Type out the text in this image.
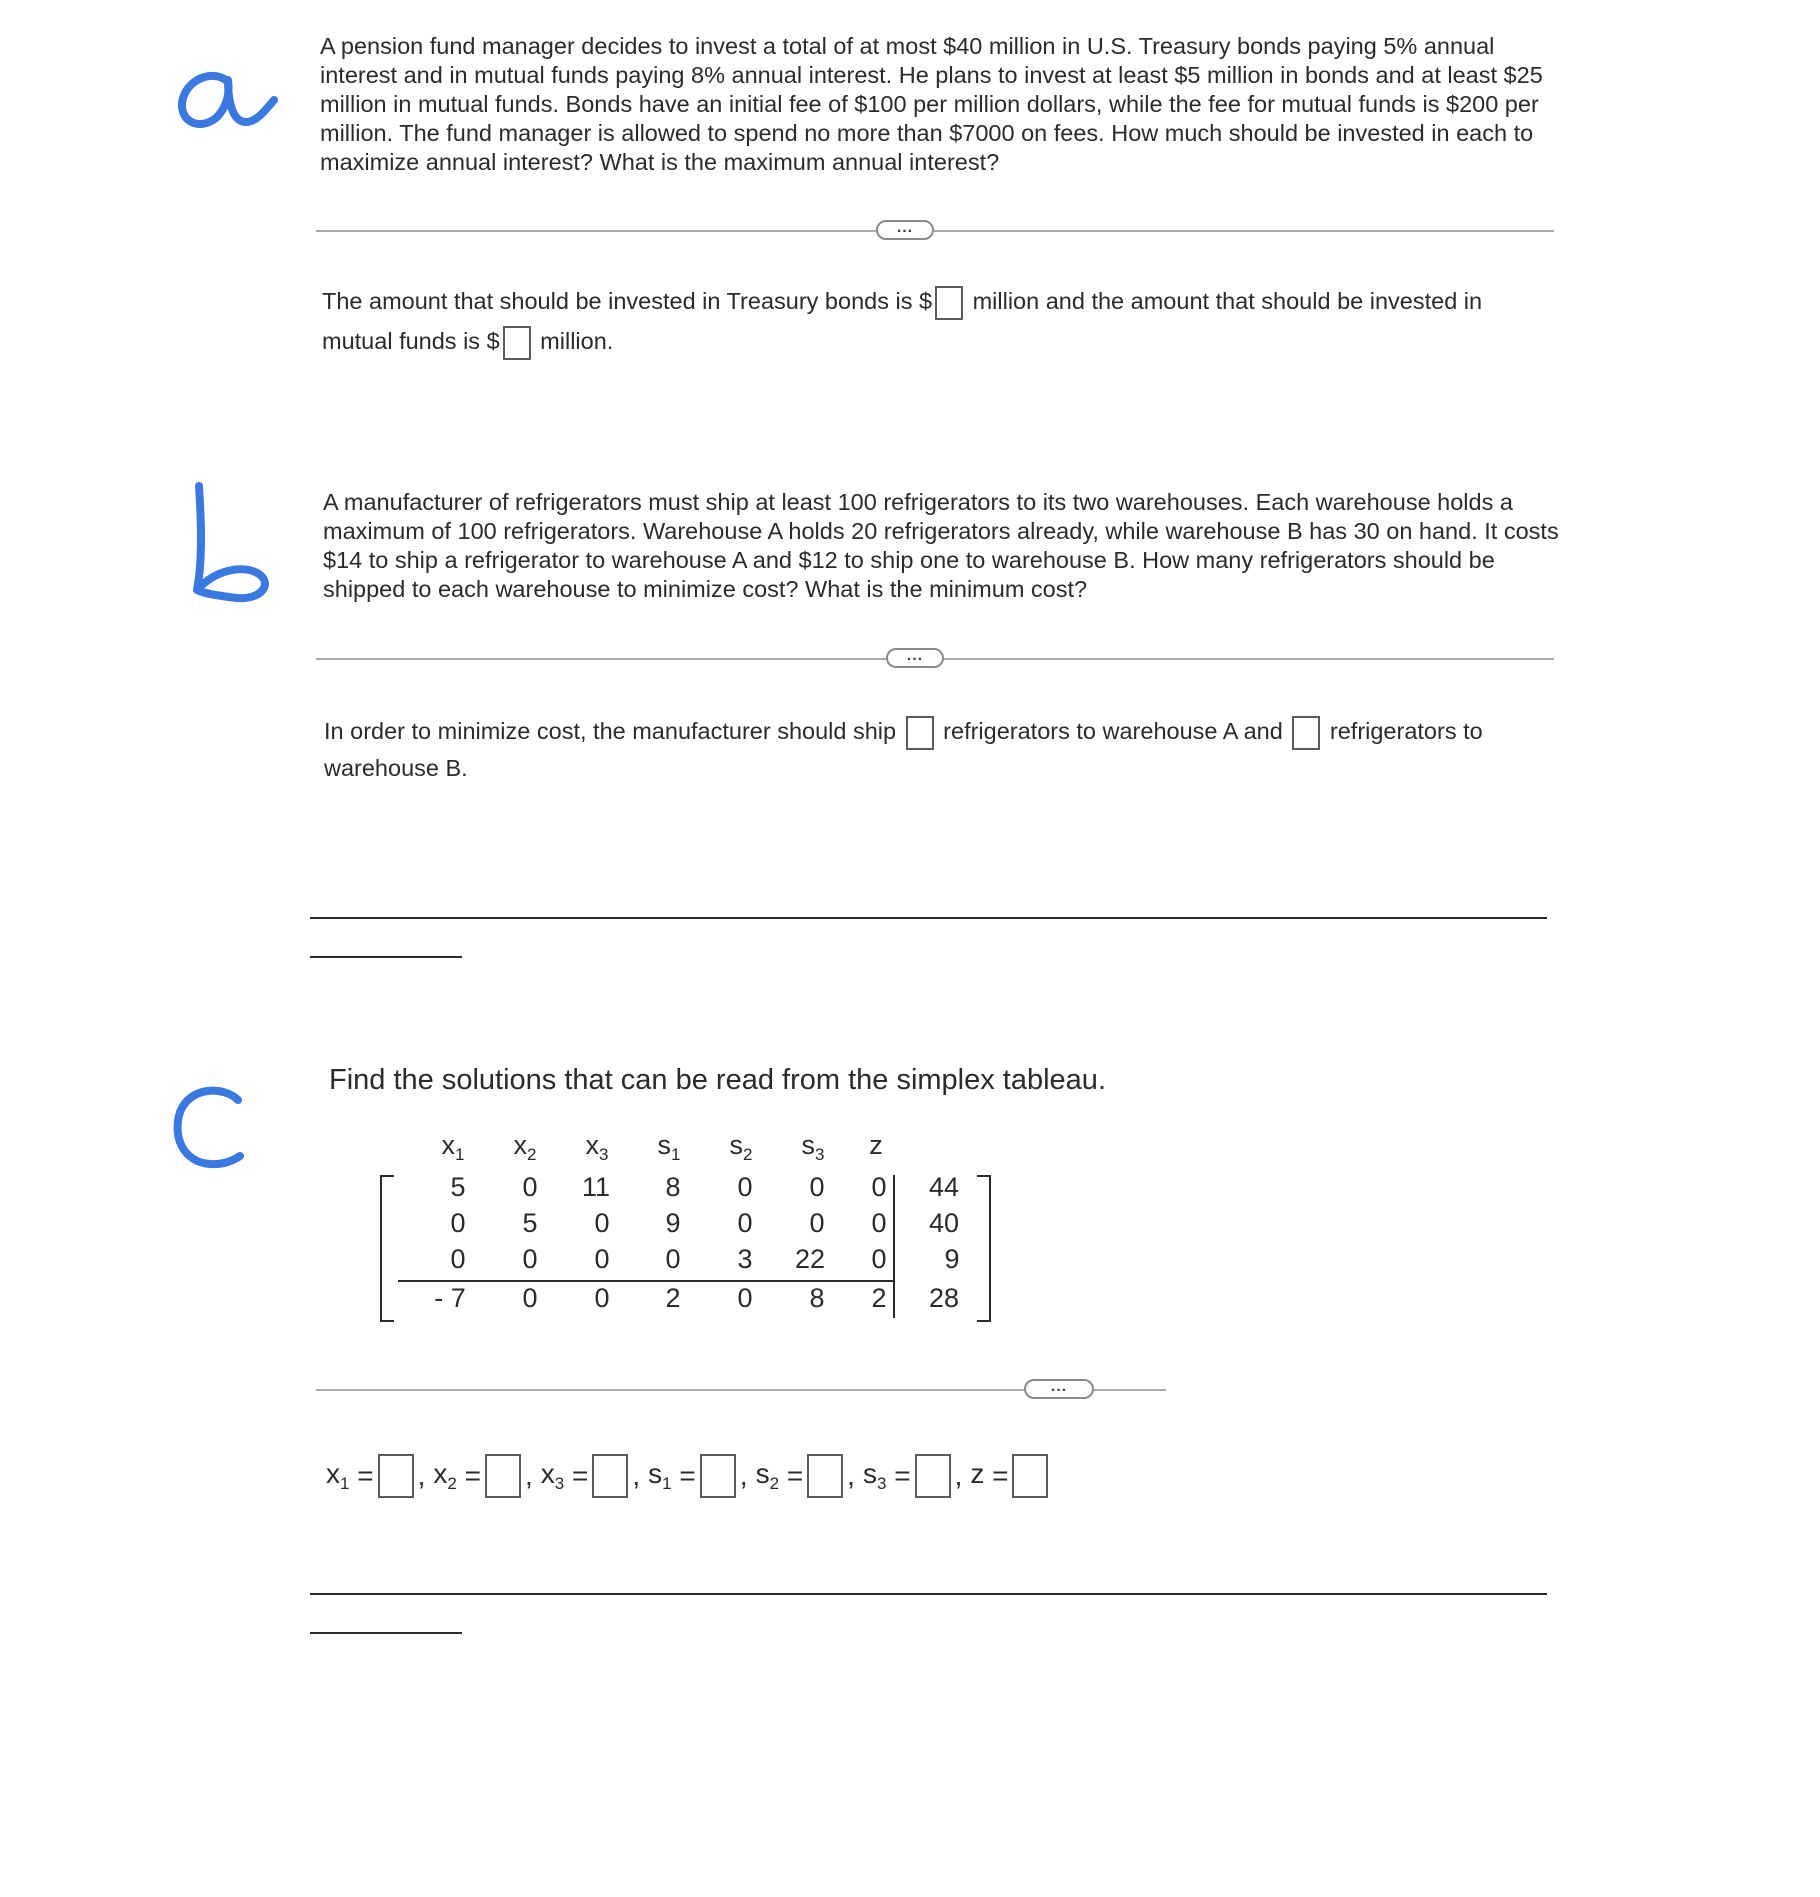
A pension fund manager decides to invest a total of at most $40 million in U.S. Treasury bonds paying 5% annual interest and in mutual funds paying 8% annual interest. He plans to invest at least $5 million in bonds and at least $25 million in mutual funds. Bonds have an initial fee of $100 per million dollars, while the fee for mutual funds is $200 per million. The fund manager is allowed to spend no more than $7000 on fees. How much should be invested in each to maximize annual interest? What is the maximum annual interest?
...
The amount that should be invested in Treasury bonds is $ million and the amount that should be invested in mutual funds is $ million.
A manufacturer of refrigerators must ship at least 100 refrigerators to its two warehouses. Each warehouse holds a maximum of 100 refrigerators. Warehouse A holds 20 refrigerators already, while warehouse B has 30 on hand. It costs $14 to ship a refrigerator to warehouse A and $12 to ship one to warehouse B. How many refrigerators should be shipped to each warehouse to minimize cost? What is the minimum cost?
...
In order to minimize cost, the manufacturer should ship  refrigerators to warehouse A and  refrigerators to warehouse B.
Find the solutions that can be read from the simplex tableau.
$x_1$	$x_2$	$x_3$	$s_1$	$s_2$	$s_3$	z
5	0	11	8	0	0	0	44
0	5	0	9	0	0	0	40
0	0	0	0	3	22	0	9
- 7	0	0	2	0	8	2	28
...
$x_1$
= , $x_2$
= , $x_3$
= , $s_1$
= , $s_2$
= , $s_3$
= , z
=
